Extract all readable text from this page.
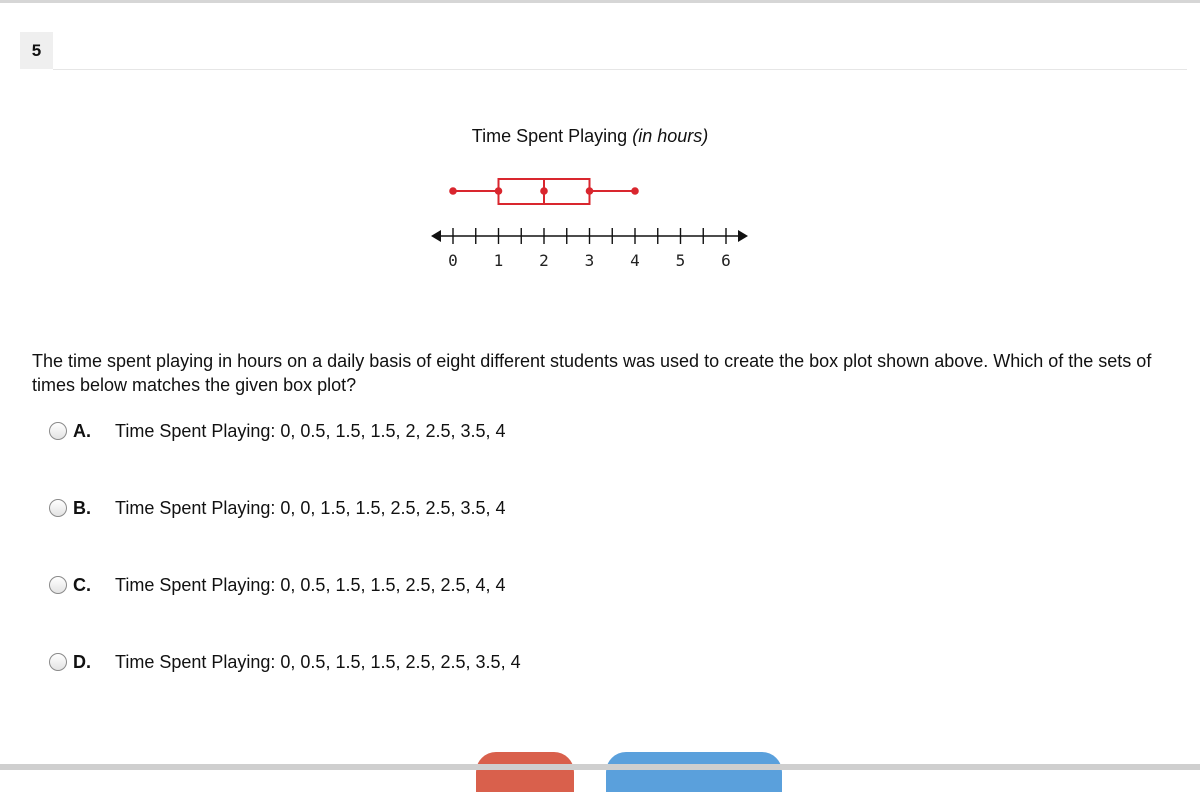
5
Time Spent Playing (in hours)
0 1 2 3 4 5 6
The time spent playing in hours on a daily basis of eight different students was used to create the box plot shown above. Which of the sets of times below matches the given box plot?
A.	Time Spent Playing: 0, 0.5, 1.5, 1.5, 2, 2.5, 3.5, 4
B.	Time Spent Playing: 0, 0, 1.5, 1.5, 2.5, 2.5, 3.5, 4
C.	Time Spent Playing: 0, 0.5, 1.5, 1.5, 2.5, 2.5, 4, 4
D.	Time Spent Playing: 0, 0.5, 1.5, 1.5, 2.5, 2.5, 3.5, 4
